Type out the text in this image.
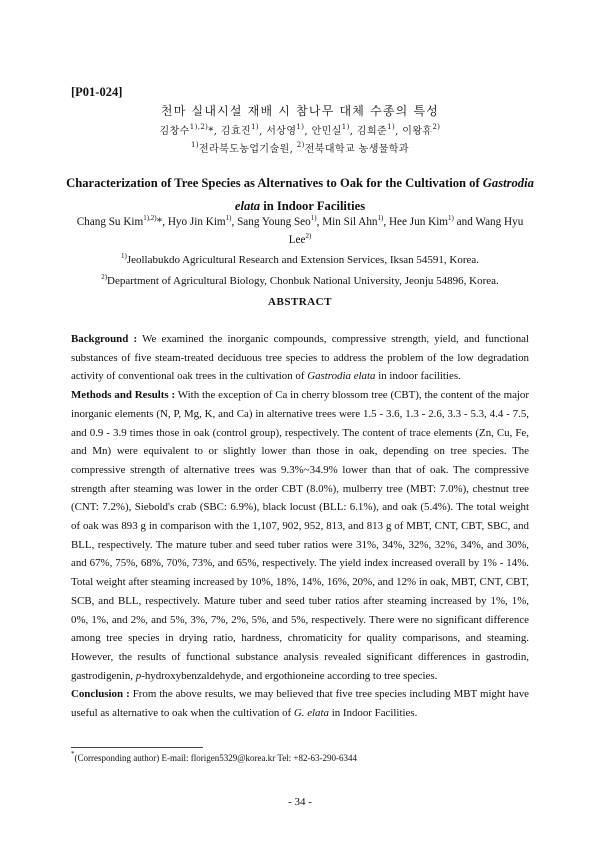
[P01-024]
천마 실내시설 재배 시 참나무 대체 수종의 특성
김창수$^{1),2)}$*, 김효진$^{1)}$, 서상영$^{1)}$, 안민실$^{1)}$, 김희준$^{1)}$, 이왕휴$^{2)}$
$^{1)}$전라북도농업기술원, $^{2)}$전북대학교 농생물학과
Characterization of Tree Species as Alternatives to Oak for the Cultivation of Gastrodia elata in Indoor Facilities
Chang Su Kim$^{1),2)}$*, Hyo Jin Kim$^{1)}$, Sang Young Seo$^{1)}$, Min Sil Ahn$^{1)}$, Hee Jun Kim$^{1)}$ and Wang Hyu Lee$^{2)}$
$^{1)}$Jeollabukdo Agricultural Research and Extension Services, Iksan 54591, Korea.
$^{2)}$Department of Agricultural Biology, Chonbuk National University, Jeonju 54896, Korea.
ABSTRACT

Background : We examined the inorganic compounds, compressive strength, yield, and functional substances of five steam-treated deciduous tree species to address the problem of the low degradation activity of conventional oak trees in the cultivation of Gastrodia elata in indoor facilities.

Methods and Results : With the exception of Ca in cherry blossom tree (CBT), the content of the major inorganic elements (N, P, Mg, K, and Ca) in alternative trees were 1.5 - 3.6, 1.3 - 2.6, 3.3 - 5.3, 4.4 - 7.5, and 0.9 - 3.9 times those in oak (control group), respectively. The content of trace elements (Zn, Cu, Fe, and Mn) were equivalent to or slightly lower than those in oak, depending on tree species. The compressive strength of alternative trees was 9.3%~34.9% lower than that of oak. The compressive strength after steaming was lower in the order CBT (8.0%), mulberry tree (MBT: 7.0%), chestnut tree (CNT: 7.2%), Siebold's crab (SBC: 6.9%), black locust (BLL: 6.1%), and oak (5.4%). The total weight of oak was 893 g in comparison with the 1,107, 902, 952, 813, and 813 g of MBT, CNT, CBT, SBC, and BLL, respectively. The mature tuber and seed tuber ratios were 31%, 34%, 32%, 32%, 34%, and 30%, and 67%, 75%, 68%, 70%, 73%, and 65%, respectively. The yield index increased overall by 1% - 14%. Total weight after steaming increased by 10%, 18%, 14%, 16%, 20%, and 12% in oak, MBT, CNT, CBT, SCB, and BLL, respectively. Mature tuber and seed tuber ratios after steaming increased by 1%, 1%, 0%, 1%, and 2%, and 5%, 3%, 7%, 2%, 5%, and 5%, respectively. There were no significant difference among tree species in drying ratio, hardness, chromaticity for quality comparisons, and steaming. However, the results of functional substance analysis revealed significant differences in gastrodin, gastrodigenin, p-hydroxybenzaldehyde, and ergothioneine according to tree species.

Conclusion : From the above results, we may believed that five tree species including MBT might have useful as alternative to oak when the cultivation of G. elata in Indoor Facilities.

*(Corresponding author) E-mail: florigen5329@korea.kr Tel: +82-63-290-6344
- 34 -
